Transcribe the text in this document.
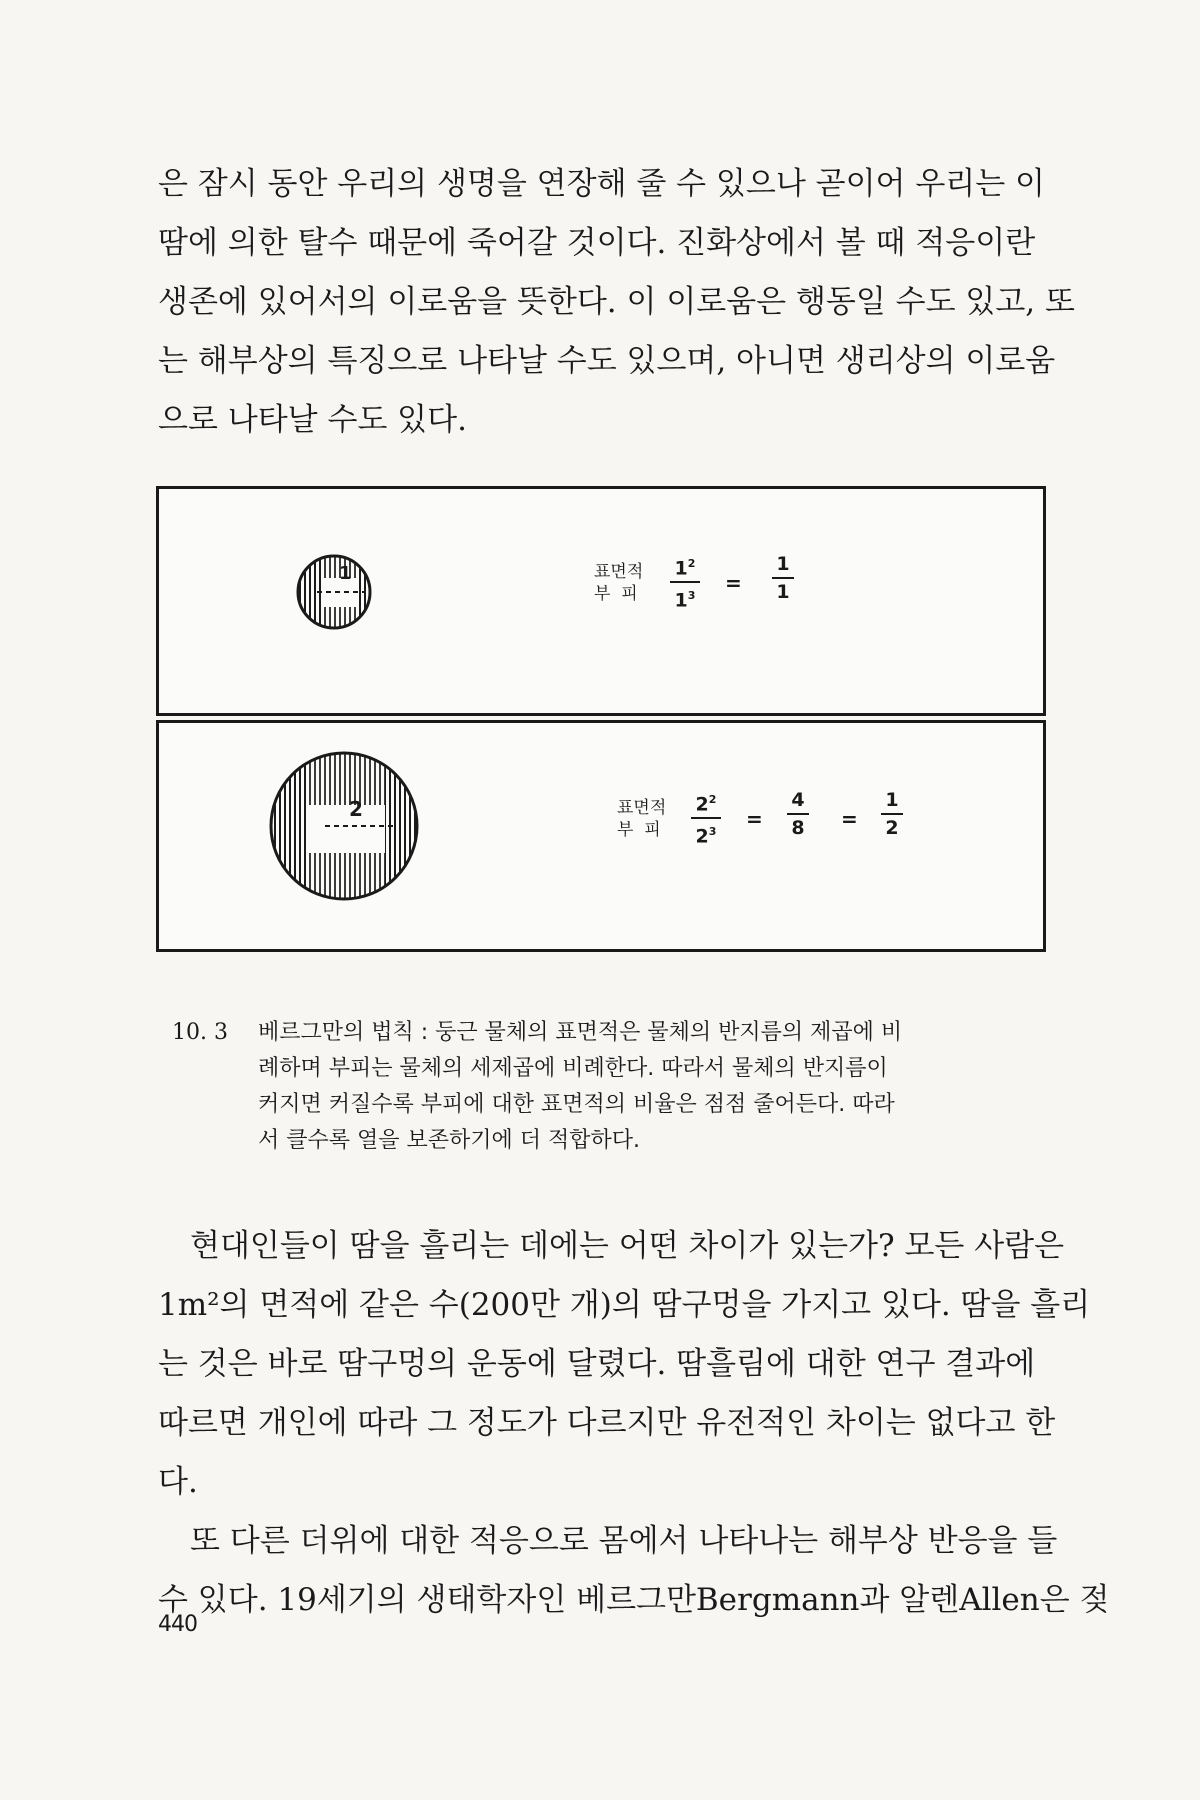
은 잠시 동안 우리의 생명을 연장해 줄 수 있으나 곧이어 우리는 이
땀에 의한 탈수 때문에 죽어갈 것이다. 진화상에서 볼 때 적응이란
생존에 있어서의 이로움을 뜻한다. 이 이로움은 행동일 수도 있고, 또
는 해부상의 특징으로 나타날 수도 있으며, 아니면 생리상의 이로움
으로 나타날 수도 있다.
1	표면적
부  피
$1^2$
$1^3$
=
1
1
2	표면적
부  피
$2^2$
$2^3$
=
4
8 =
1
2
10. 3 베르그만의 법칙 : 둥근 물체의 표면적은 물체의 반지름의 제곱에 비
례하며 부피는 물체의 세제곱에 비례한다. 따라서 물체의 반지름이
커지면 커질수록 부피에 대한 표면적의 비율은 점점 줄어든다. 따라
서 클수록 열을 보존하기에 더 적합하다.
현대인들이 땀을 흘리는 데에는 어떤 차이가 있는가? 모든 사람은
1m²의 면적에 같은 수(200만 개)의 땀구멍을 가지고 있다. 땀을 흘리
는 것은 바로 땀구멍의 운동에 달렸다. 땀흘림에 대한 연구 결과에
따르면 개인에 따라 그 정도가 다르지만 유전적인 차이는 없다고 한
다.
또 다른 더위에 대한 적응으로 몸에서 나타나는 해부상 반응을 들
수 있다. 19세기의 생태학자인 베르그만Bergmann과 알렌Allen은 젖
440
